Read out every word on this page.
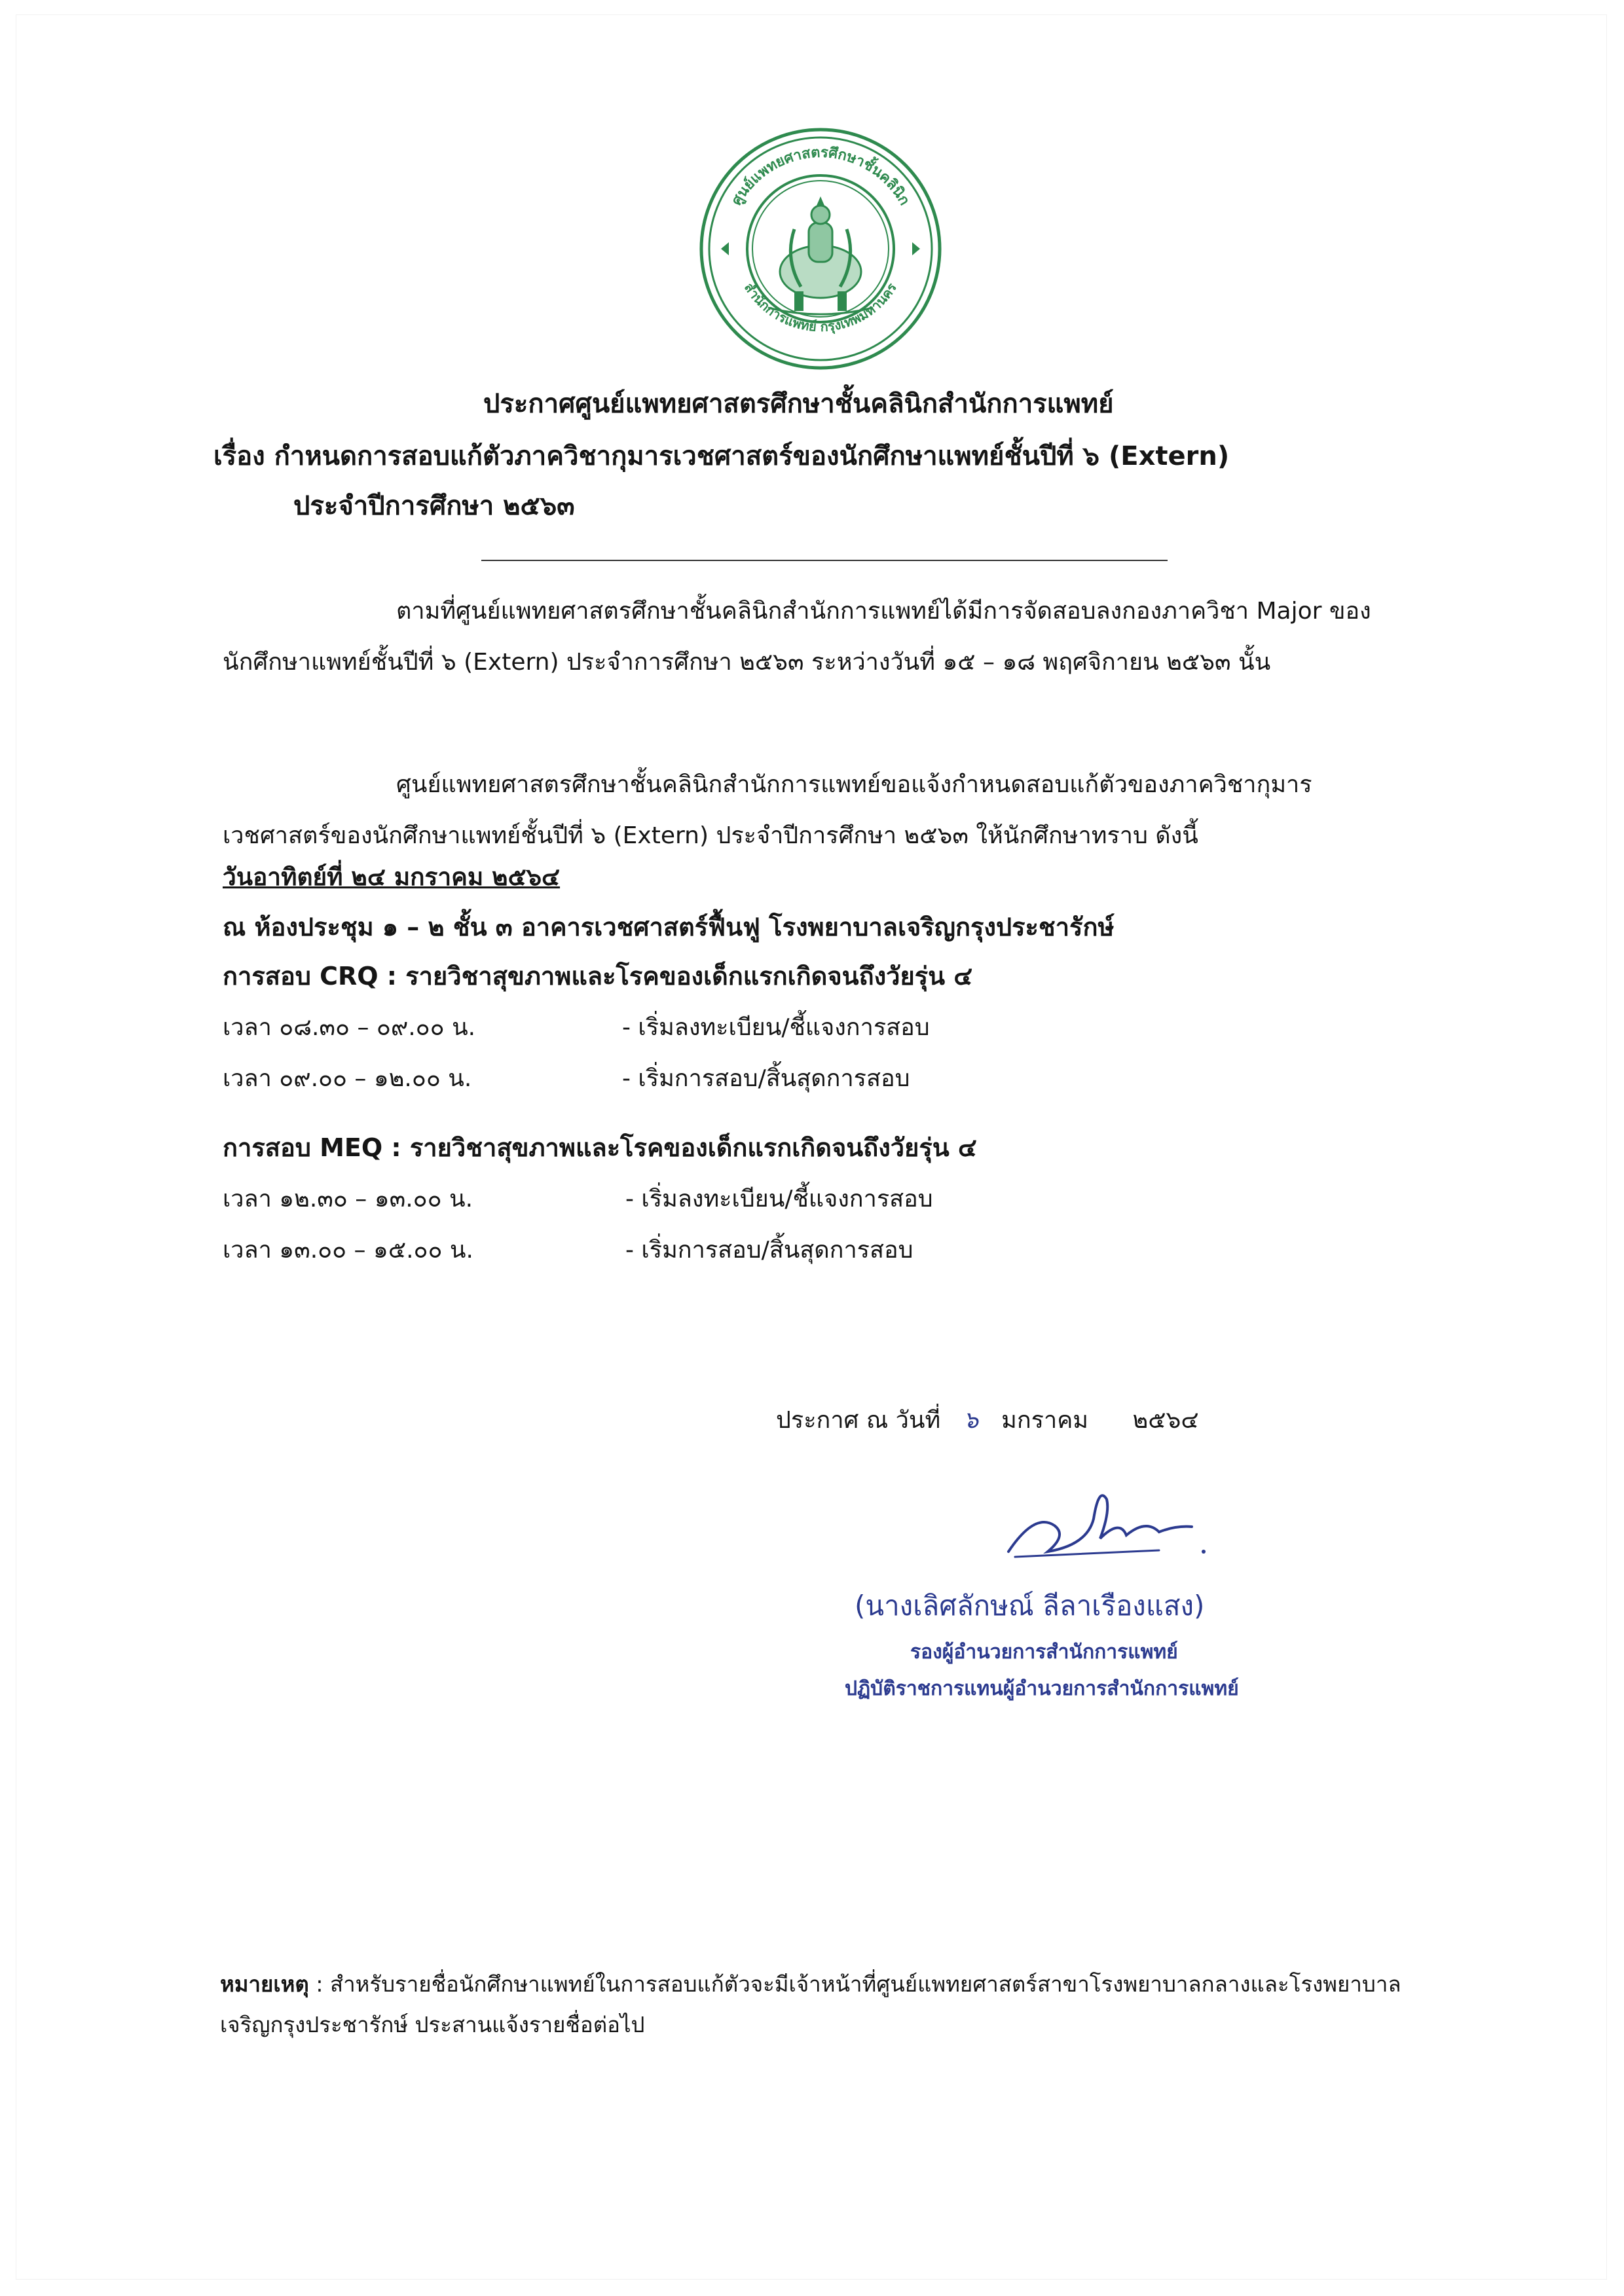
ศูนย์แพทยศาสตรศึกษาชั้นคลินิก
สำนักการแพทย์ กรุงเทพมหานคร
ประกาศศูนย์แพทยศาสตรศึกษาชั้นคลินิกสำนักการแพทย์
เรื่อง กำหนดการสอบแก้ตัวภาควิชากุมารเวชศาสตร์ของนักศึกษาแพทย์ชั้นปีที่ ๖ (Extern)
ประจำปีการศึกษา ๒๕๖๓
ตามที่ศูนย์แพทยศาสตรศึกษาชั้นคลินิกสำนักการแพทย์ได้มีการจัดสอบลงกองภาควิชา Major ของนักศึกษาแพทย์ชั้นปีที่ ๖ (Extern) ประจำการศึกษา ๒๕๖๓ ระหว่างวันที่ ๑๕ – ๑๘ พฤศจิกายน ๒๕๖๓ นั้น
ศูนย์แพทยศาสตรศึกษาชั้นคลินิกสำนักการแพทย์ขอแจ้งกำหนดสอบแก้ตัวของภาควิชากุมารเวชศาสตร์ของนักศึกษาแพทย์ชั้นปีที่ ๖ (Extern) ประจำปีการศึกษา ๒๕๖๓ ให้นักศึกษาทราบ ดังนี้
วันอาทิตย์ที่ ๒๔ มกราคม ๒๕๖๔
ณ ห้องประชุม ๑ – ๒ ชั้น ๓ อาคารเวชศาสตร์ฟื้นฟู โรงพยาบาลเจริญกรุงประชารักษ์
การสอบ CRQ : รายวิชาสุขภาพและโรคของเด็กแรกเกิดจนถึงวัยรุ่น ๔
เวลา ๐๘.๓๐ – ๐๙.๐๐ น.	- เริ่มลงทะเบียน/ชี้แจงการสอบ
เวลา ๐๙.๐๐ – ๑๒.๐๐ น.	- เริ่มการสอบ/สิ้นสุดการสอบ
การสอบ MEQ : รายวิชาสุขภาพและโรคของเด็กแรกเกิดจนถึงวัยรุ่น ๔
เวลา ๑๒.๓๐ – ๑๓.๐๐ น.	- เริ่มลงทะเบียน/ชี้แจงการสอบ
เวลา ๑๓.๐๐ – ๑๕.๐๐ น.	- เริ่มการสอบ/สิ้นสุดการสอบ
ประกาศ ณ วันที่ ๖ มกราคม ๒๕๖๔
(นางเลิศลักษณ์ ลีลาเรืองแสง)
รองผู้อำนวยการสำนักการแพทย์
ปฏิบัติราชการแทนผู้อำนวยการสำนักการแพทย์
หมายเหตุ : สำหรับรายชื่อนักศึกษาแพทย์ในการสอบแก้ตัวจะมีเจ้าหน้าที่ศูนย์แพทยศาสตร์สาขาโรงพยาบาลกลางและโรงพยาบาลเจริญกรุงประชารักษ์ ประสานแจ้งรายชื่อต่อไป
